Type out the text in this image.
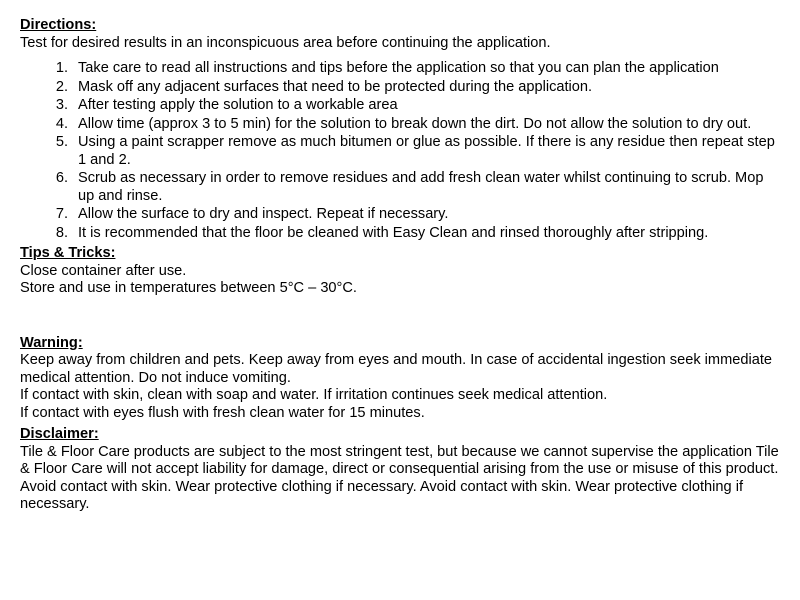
Directions:

Test for desired results in an inconspicuous area before continuing the application.

1. Take care to read all instructions and tips before the application so that you can plan the application
2. Mask off any adjacent surfaces that need to be protected during the application.
3. After testing apply the solution to a workable area
4. Allow time (approx 3 to 5 min) for the solution to break down the dirt. Do not allow the solution to dry out.
5. Using a paint scrapper remove as much bitumen or glue as possible. If there is any residue then repeat step 1 and 2.
6. Scrub as necessary in order to remove residues and add fresh clean water whilst continuing to scrub. Mop up and rinse.
7. Allow the surface to dry and inspect. Repeat if necessary.
8. It is recommended that the floor be cleaned with Easy Clean and rinsed thoroughly after stripping.

Tips & Tricks:

Close container after use.

Store and use in temperatures between 5°C – 30°C.

Warning:

Keep away from children and pets. Keep away from eyes and mouth. In case of accidental ingestion seek immediate medical attention. Do not induce vomiting.

If contact with skin, clean with soap and water. If irritation continues seek medical attention.

If contact with eyes flush with fresh clean water for 15 minutes.

Disclaimer:

Tile & Floor Care products are subject to the most stringent test, but because we cannot supervise the application Tile & Floor Care will not accept liability for damage, direct or consequential arising from the use or misuse of this product. Avoid contact with skin. Wear protective clothing if necessary. Avoid contact with skin. Wear protective clothing if necessary.
